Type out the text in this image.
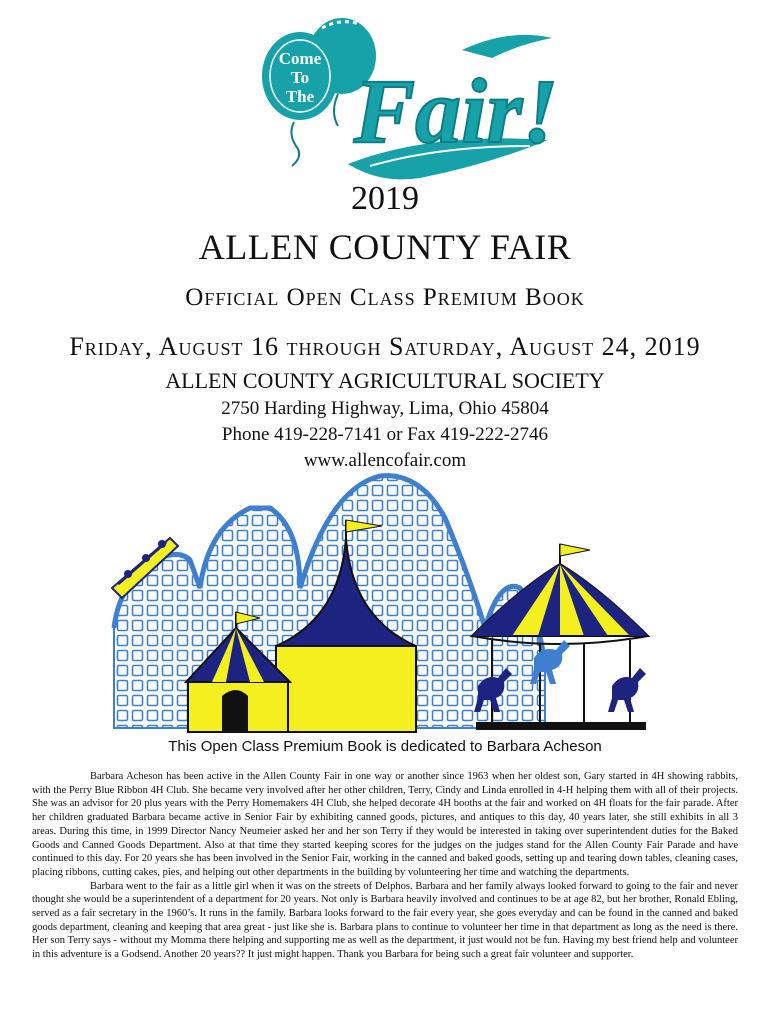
Come
To
The Fair!
2019
ALLEN COUNTY FAIR
Official Open Class Premium Book
Friday, August 16 through Saturday, August 24, 2019
ALLEN COUNTY AGRICULTURAL SOCIETY
2750 Harding Highway, Lima, Ohio 45804
Phone 419-228-7141 or Fax 419-222-2746
www.allencofair.com
This Open Class Premium Book is dedicated to Barbara Acheson

Barbara Acheson has been active in the Allen County Fair in one way or another since 1963 when her oldest son, Gary started in 4H showing rabbits, with the Perry Blue Ribbon 4H Club. She became very involved after her other children, Terry, Cindy and Linda enrolled in 4-H helping them with all of their projects. She was an advisor for 20 plus years with the Perry Homemakers 4H Club, she helped decorate 4H booths at the fair and worked on 4H floats for the fair parade. After her children graduated Barbara became active in Senior Fair by exhibiting canned goods, pictures, and antiques to this day, 40 years later, she still exhibits in all 3 areas. During this time, in 1999 Director Nancy Neumeier asked her and her son Terry if they would be interested in taking over superintendent duties for the Baked Goods and Canned Goods Department. Also at that time they started keeping scores for the judges on the judges stand for the Allen County Fair Parade and have continued to this day. For 20 years she has been involved in the Senior Fair, working in the canned and baked goods, setting up and tearing down tables, cleaning cases, placing ribbons, cutting cakes, pies, and helping out other departments in the building by volunteering her time and watching the departments.

Barbara went to the fair as a little girl when it was on the streets of Delphos. Barbara and her family always looked forward to going to the fair and never thought she would be a superintendent of a department for 20 years. Not only is Barbara heavily involved and continues to be at age 82, but her brother, Ronald Ebling, served as a fair secretary in the 1960’s. It runs in the family. Barbara looks forward to the fair every year, she goes everyday and can be found in the canned and baked goods department, cleaning and keeping that area great - just like she is. Barbara plans to continue to volunteer her time in that department as long as the need is there. Her son Terry says - without my Momma there helping and supporting me as well as the department, it just would not be fun. Having my best friend help and volunteer in this adventure is a Godsend. Another 20 years?? It just might happen. Thank you Barbara for being such a great fair volunteer and supporter.
